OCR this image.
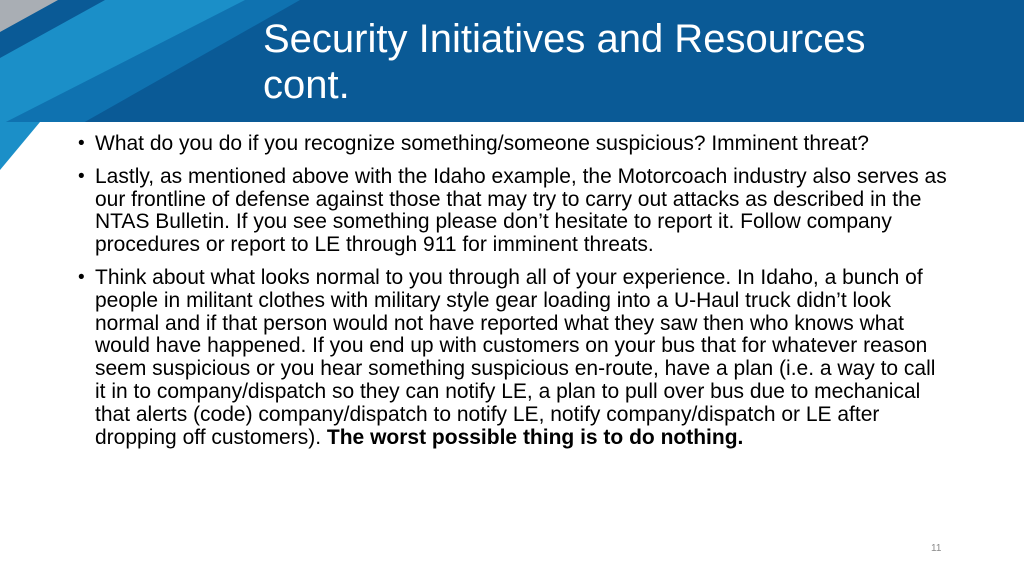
Security Initiatives and Resources
cont.
• What do you do if you recognize something/someone suspicious? Imminent threat?
• Lastly, as mentioned above with the Idaho example, the Motorcoach industry also serves as our frontline of defense against those that may try to carry out attacks as described in the NTAS Bulletin. If you see something please don’t hesitate to report it. Follow company procedures or report to LE through 911 for imminent threats.
• Think about what looks normal to you through all of your experience. In Idaho, a bunch of people in militant clothes with military style gear loading into a U-Haul truck didn’t look normal and if that person would not have reported what they saw then who knows what would have happened. If you end up with customers on your bus that for whatever reason seem suspicious or you hear something suspicious en-route, have a plan (i.e. a way to call it in to company/dispatch so they can notify LE, a plan to pull over bus due to mechanical that alerts (code) company/dispatch to notify LE, notify company/dispatch or LE after dropping off customers). The worst possible thing is to do nothing.
11
